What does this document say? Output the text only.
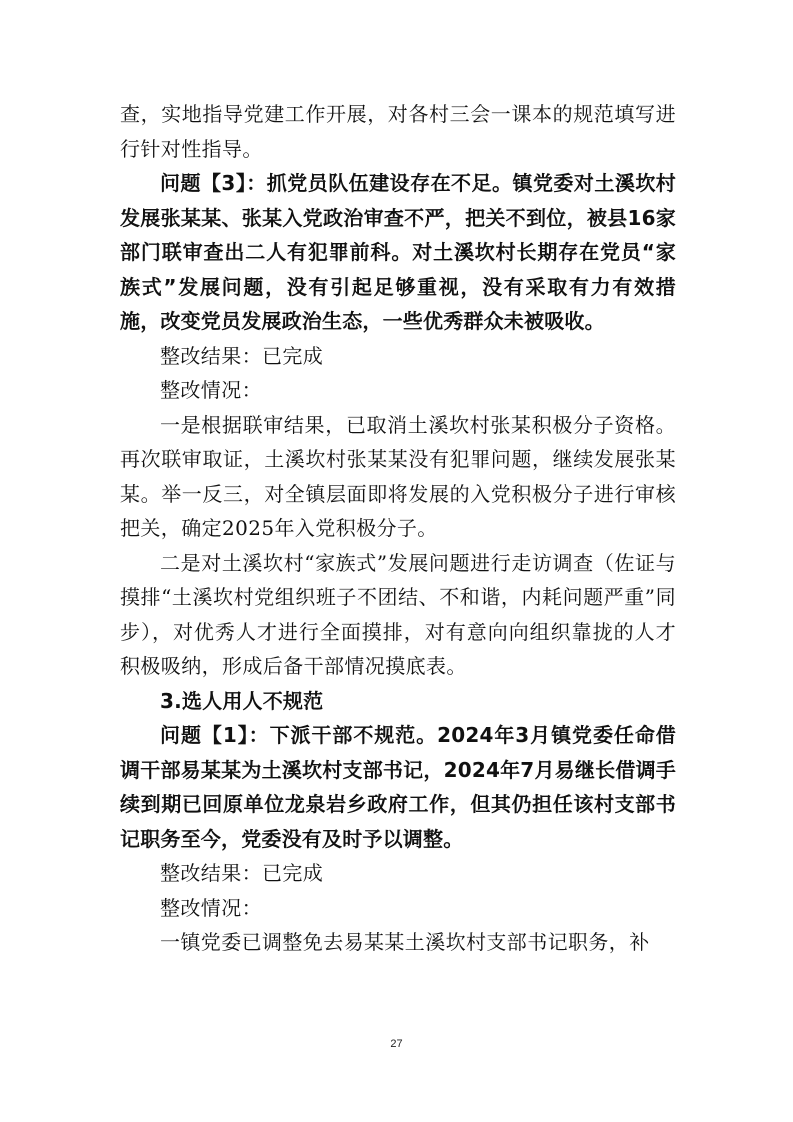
查，实地指导党建工作开展，对各村三会一课本的规范填写进行针对性指导。

问题【3】：抓党员队伍建设存在不足。镇党委对土溪坎村发展张某某、张某入党政治审查不严，把关不到位，被县16家部门联审查出二人有犯罪前科。对土溪坎村长期存在党员“家族式”发展问题，没有引起足够重视，没有采取有力有效措施，改变党员发展政治生态，一些优秀群众未被吸收。

整改结果：已完成

整改情况：

一是根据联审结果，已取消土溪坎村张某积极分子资格。再次联审取证，土溪坎村张某某没有犯罪问题，继续发展张某某。举一反三，对全镇层面即将发展的入党积极分子进行审核把关，确定2025年入党积极分子。

二是对土溪坎村“家族式”发展问题进行走访调查（佐证与摸排“土溪坎村党组织班子不团结、不和谐，内耗问题严重”同步），对优秀人才进行全面摸排，对有意向向组织靠拢的人才积极吸纳，形成后备干部情况摸底表。

3.选人用人不规范

问题【1】：下派干部不规范。2024年3月镇党委任命借调干部易某某为土溪坎村支部书记，2024年7月易继长借调手续到期已回原单位龙泉岩乡政府工作，但其仍担任该村支部书记职务至今，党委没有及时予以调整。

整改结果：已完成

整改情况：

一镇党委已调整免去易某某土溪坎村支部书记职务，补

27
